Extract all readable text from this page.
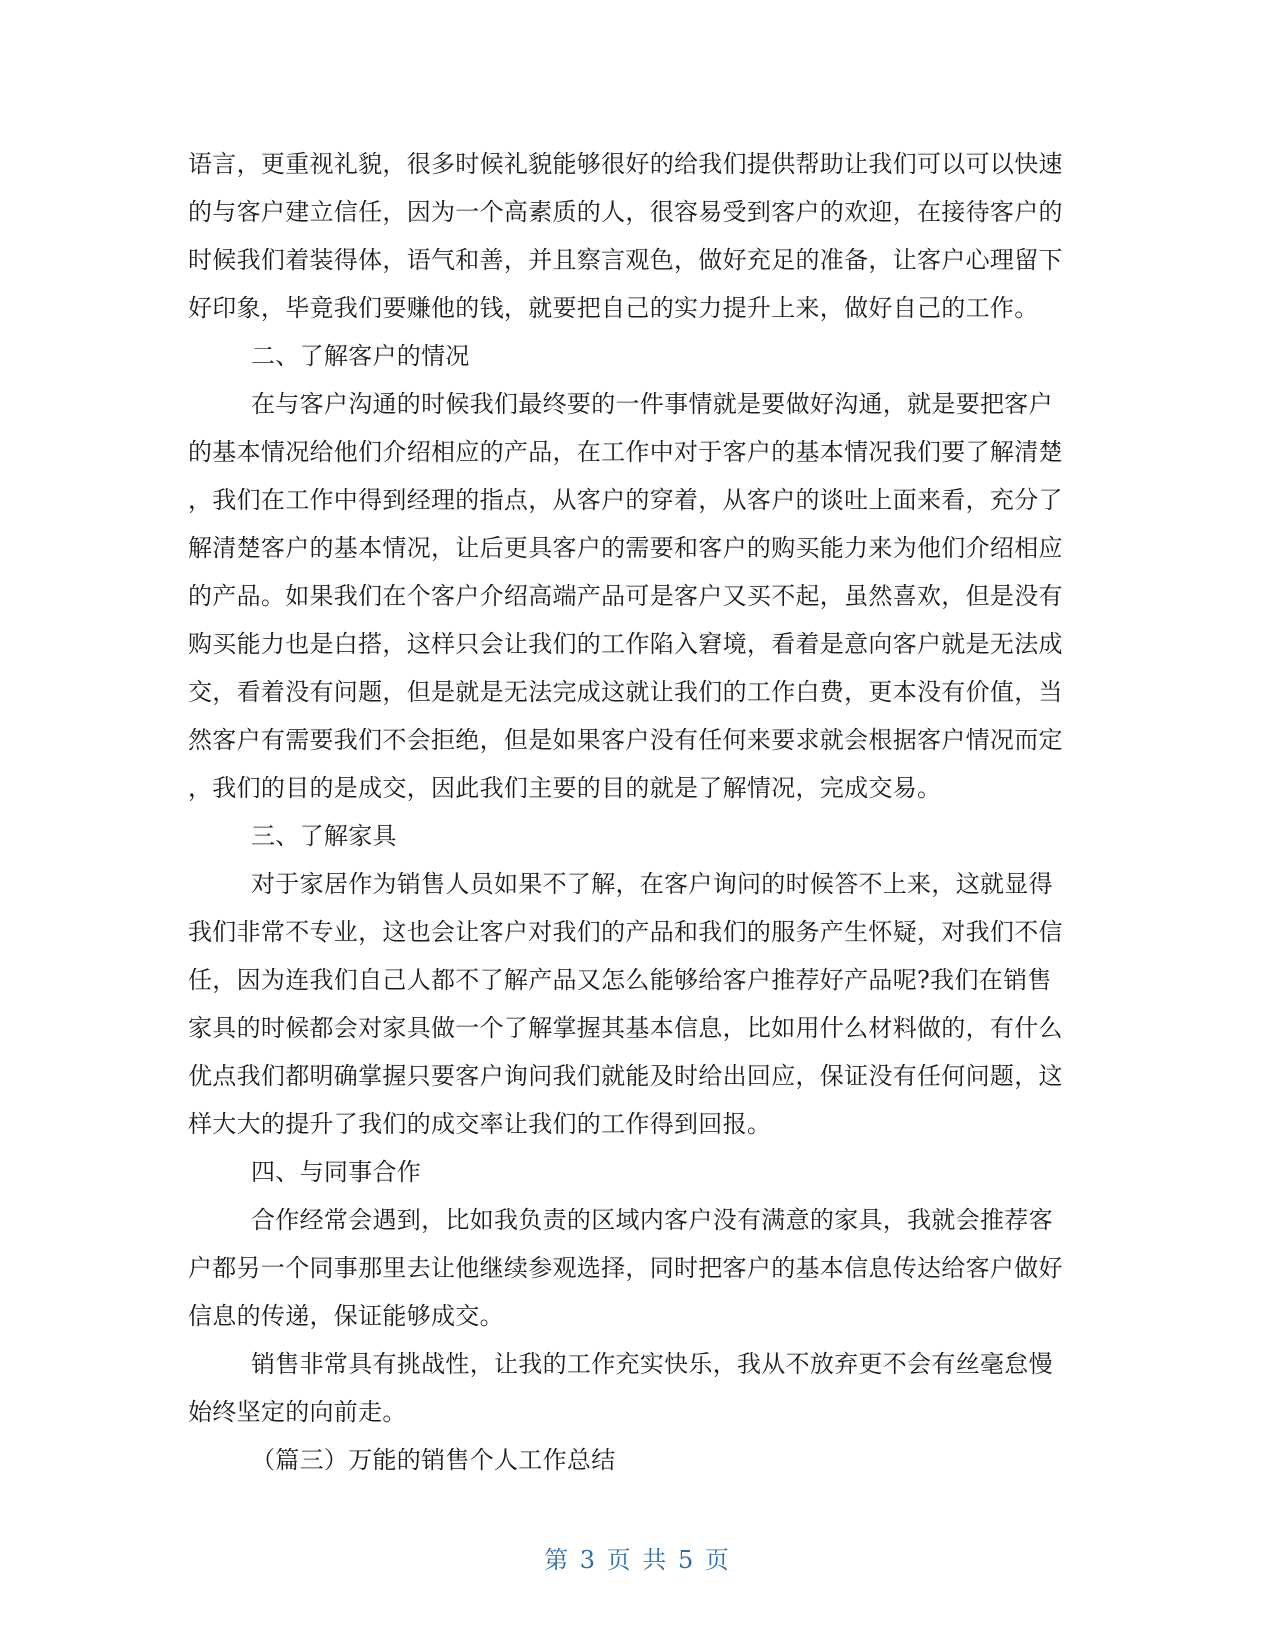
语言，更重视礼貌，很多时候礼貌能够很好的给我们提供帮助让我们可以可以快速
的与客户建立信任，因为一个高素质的人，很容易受到客户的欢迎，在接待客户的
时候我们着装得体，语气和善，并且察言观色，做好充足的准备，让客户心理留下
好印象，毕竟我们要赚他的钱，就要把自己的实力提升上来，做好自己的工作。
二、了解客户的情况
在与客户沟通的时候我们最终要的一件事情就是要做好沟通，就是要把客户
的基本情况给他们介绍相应的产品，在工作中对于客户的基本情况我们要了解清楚
，我们在工作中得到经理的指点，从客户的穿着，从客户的谈吐上面来看，充分了
解清楚客户的基本情况，让后更具客户的需要和客户的购买能力来为他们介绍相应
的产品。如果我们在个客户介绍高端产品可是客户又买不起，虽然喜欢，但是没有
购买能力也是白搭，这样只会让我们的工作陷入窘境，看着是意向客户就是无法成
交，看着没有问题，但是就是无法完成这就让我们的工作白费，更本没有价值，当
然客户有需要我们不会拒绝，但是如果客户没有任何来要求就会根据客户情况而定
，我们的目的是成交，因此我们主要的目的就是了解情况，完成交易。
三、了解家具
对于家居作为销售人员如果不了解，在客户询问的时候答不上来，这就显得
我们非常不专业，这也会让客户对我们的产品和我们的服务产生怀疑，对我们不信
任，因为连我们自己人都不了解产品又怎么能够给客户推荐好产品呢?我们在销售
家具的时候都会对家具做一个了解掌握其基本信息，比如用什么材料做的，有什么
优点我们都明确掌握只要客户询问我们就能及时给出回应，保证没有任何问题，这
样大大的提升了我们的成交率让我们的工作得到回报。
四、与同事合作
合作经常会遇到，比如我负责的区域内客户没有满意的家具，我就会推荐客
户都另一个同事那里去让他继续参观选择，同时把客户的基本信息传达给客户做好
信息的传递，保证能够成交。
销售非常具有挑战性，让我的工作充实快乐，我从不放弃更不会有丝毫怠慢
始终坚定的向前走。
（篇三）万能的销售个人工作总结
第 3 页 共 5 页
